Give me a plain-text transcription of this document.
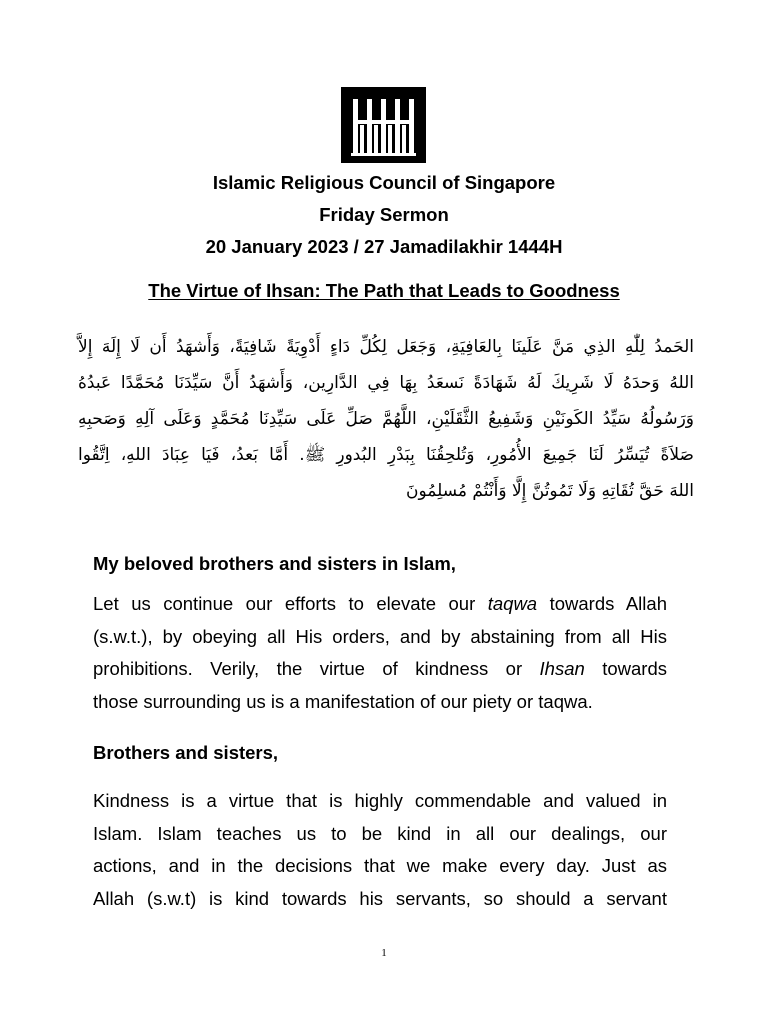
Islamic Religious Council of Singapore
Friday Sermon
20 January 2023 / 27 Jamadilakhir 1444H
The Virtue of Ihsan: The Path that Leads to Goodness

الحَمدُ لِلّٰهِ الذِي مَنَّ عَلَينَا بِالعَافِيَةِ، وَجَعَل لِكُلِّ دَاءٍ أَدْوِيَةً شَافِيَةً، وَأَشهَدُ أَن لَا إِلَهَ إِلاَّ

اللهُ وَحدَهُ لَا شَرِيكَ لَهُ شَهَادَةً نَسعَدُ بِهَا فِي الدَّارِين، وَأَشهَدُ أَنَّ سَيِّدَنَا مُحَمَّدًا عَبدُهُ

وَرَسُولُهُ سَيِّدُ الكَونَيْنِ وَشَفِيعُ الثَّقَلَيْنِ، اللَّهُمَّ صَلِّ عَلَى سَيِّدِنَا مُحَمَّدٍ وَعَلَى آلِهِ وَصَحبِهِ

صَلاَةً تُيَسِّرُ لَنَا جَمِيعَ الأُمُورِ، وَتُلحِقُنَا بِبَدْرِ البُدورِ ﷺ. أَمَّا بَعدُ، فَيَا عِبَادَ اللهِ، اِتَّقُوا

اللهَ حَقَّ تُقَاتِهِ وَلَا تَمُوتُنَّ إِلَّا وَأَنْتُمْ مُسلِمُونَ

My beloved brothers and sisters in Islam,
Let us continue our efforts to elevate our taqwa towards Allah
(s.w.t.), by obeying all His orders, and by abstaining from all His
prohibitions. Verily, the virtue of kindness or Ihsan towards
those surrounding us is a manifestation of our piety or taqwa.
Brothers and sisters,
Kindness is a virtue that is highly commendable and valued in
Islam. Islam teaches us to be kind in all our dealings, our
actions, and in the decisions that we make every day. Just as
Allah (s.w.t) is kind towards his servants, so should a servant
1
